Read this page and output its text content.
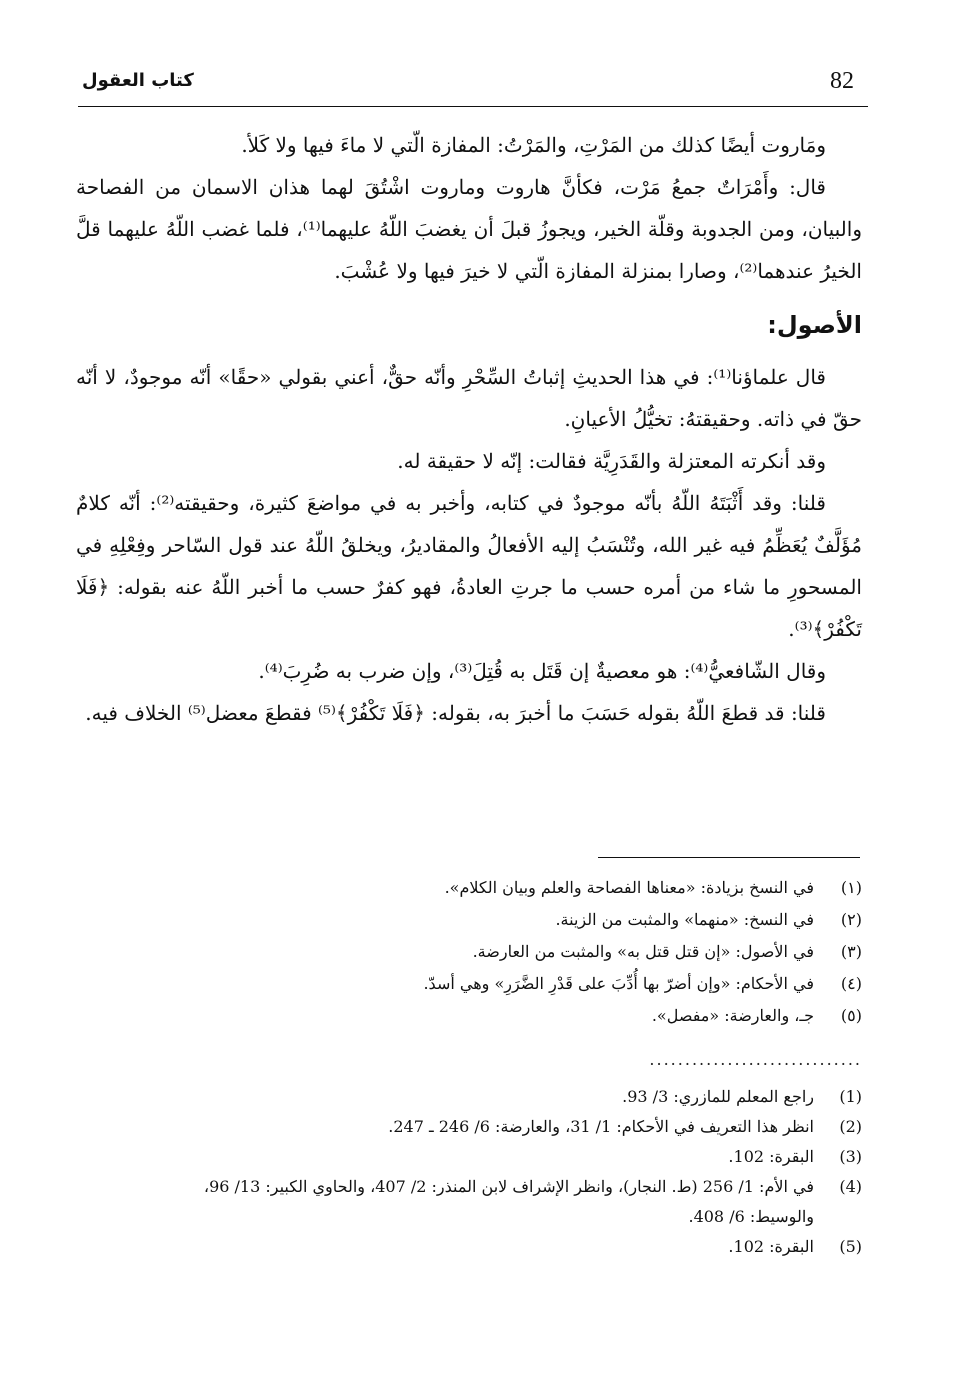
82
كتاب العقول

ومَاروت أيضًا كذلك من المَرْتِ، والمَرْتُ: المفازة الّتي لا ماءَ فيها ولا كَلأ.

قال: وأَمْرَاتٌ جمعُ مَرْت، فكأنَّ هاروت وماروت اشْتُقَ لهما هذان الاسمان من الفصاحة والبيان، ومن الجدوبة وقلّة الخير، ويجوزُ قبلَ أن يغضبَ اللّهُ عليهما⁽¹⁾، فلما غضب اللّهُ عليهما قلَّ الخيرُ عندهما⁽²⁾، وصارا بمنزلة المفازة الّتي لا خيرَ فيها ولا عُشْبَ.

الأصول:

قال علماؤنا⁽¹⁾: في هذا الحديثِ إثباتُ السِّحْرِ وأنّه حقٌّ، أعني بقولي «حقًا» أنّه موجودٌ، لا أنّه حقّ في ذاته. وحقيقتهُ: تخيُّلُ الأعيانِ.

وقد أنكرته المعتزلة والقَدَرِيَّة فقالت: إنّه لا حقيقة له.

قلنا: وقد أَثْبَتَهُ اللّهُ بأنّه موجودٌ في كتابه، وأخبر به في مواضعَ كثيرة، وحقيقته⁽²⁾: أنّه كلامٌ مُؤَلَّفٌ يُعَظِّمُ فيه غير الله، وتُنْسَبُ إليه الأفعالُ والمقاديرُ، ويخلقُ اللّهُ عند قول السّاحر وفِعْلِهِ في المسحورِ ما شاء من أمره حسب ما جرتِ العادةُ، فهو كفرٌ حسب ما أخبر اللّهُ عنه بقوله: ﴿فَلَا تَكْفُرْ﴾⁽³⁾.

وقال الشّافعيُّ⁽⁴⁾: هو معصيةٌ إن قَتَل به قُتِلَ⁽³⁾، وإن ضرب به ضُرِبَ⁽⁴⁾.

قلنا: قد قطعَ اللّهُ بقوله حَسَبَ ما أخبرَ به، بقوله: ﴿فَلَا تَكْفُرْ﴾⁽⁵⁾ فقطعَ معضل⁽⁵⁾ الخلاف فيه.

(١)
في النسخ بزيادة: «معناها الفصاحة والعلم وبيان الكلام».
(٢)
في النسخ: «منهما» والمثبت من الزينة.
(٣)
في الأصول: «إن قتل قتل به» والمثبت من العارضة.
(٤)
في الأحكام: «وإن أضرّ بها أُدِّبَ على قَدْرِ الضَّرَرِ» وهي أسدّ.
(٥)
جـ، والعارضة: «مفصل».
..............................
(1)
راجع المعلم للمازري: 3/ 93.
(2)
انظر هذا التعريف في الأحكام: 1/ 31، والعارضة: 6/ 246 ـ 247.
(3)
البقرة: 102.
(4)
في الأم: 1/ 256 (ط. النجار)، وانظر الإشراف لابن المنذر: 2/ 407، والحاوي الكبير: 13/ 96، والوسيط: 6/ 408.
(5)
البقرة: 102.
